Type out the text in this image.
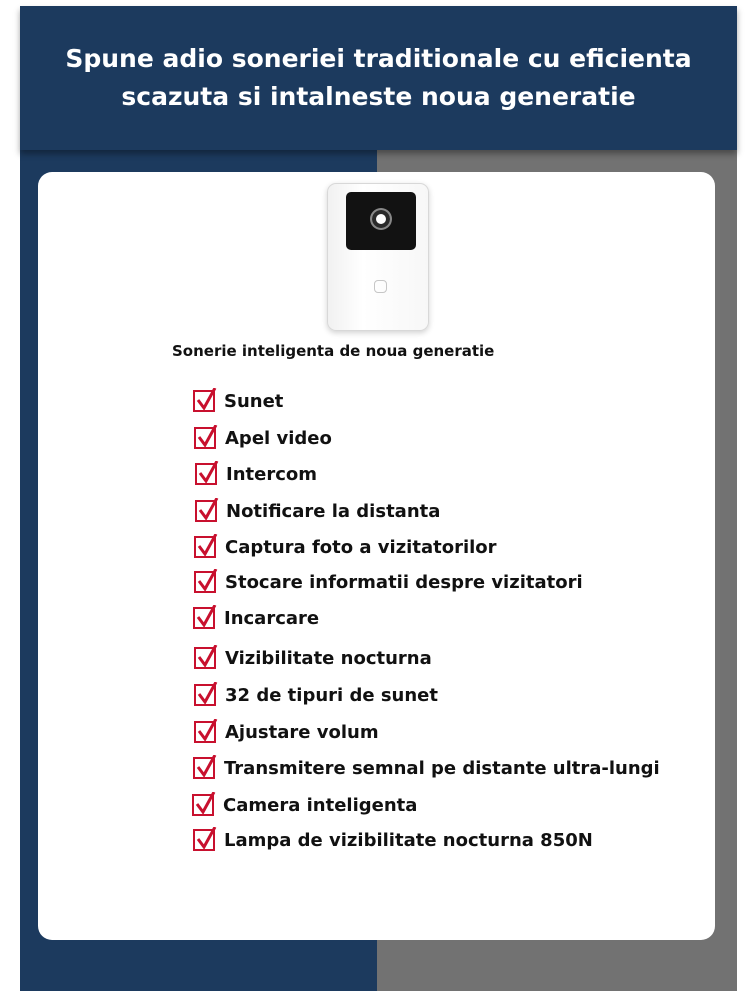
Spune adio soneriei traditionale cu eficienta
scazuta si intalneste noua generatie
Sonerie inteligenta de noua generatie
Sunet
Apel video
Intercom
Notificare la distanta
Captura foto a vizitatorilor
Stocare informatii despre vizitatori
Incarcare
Vizibilitate nocturna
32 de tipuri de sunet
Ajustare volum
Transmitere semnal pe distante ultra-lungi
Camera inteligenta
Lampa de vizibilitate nocturna 850N
